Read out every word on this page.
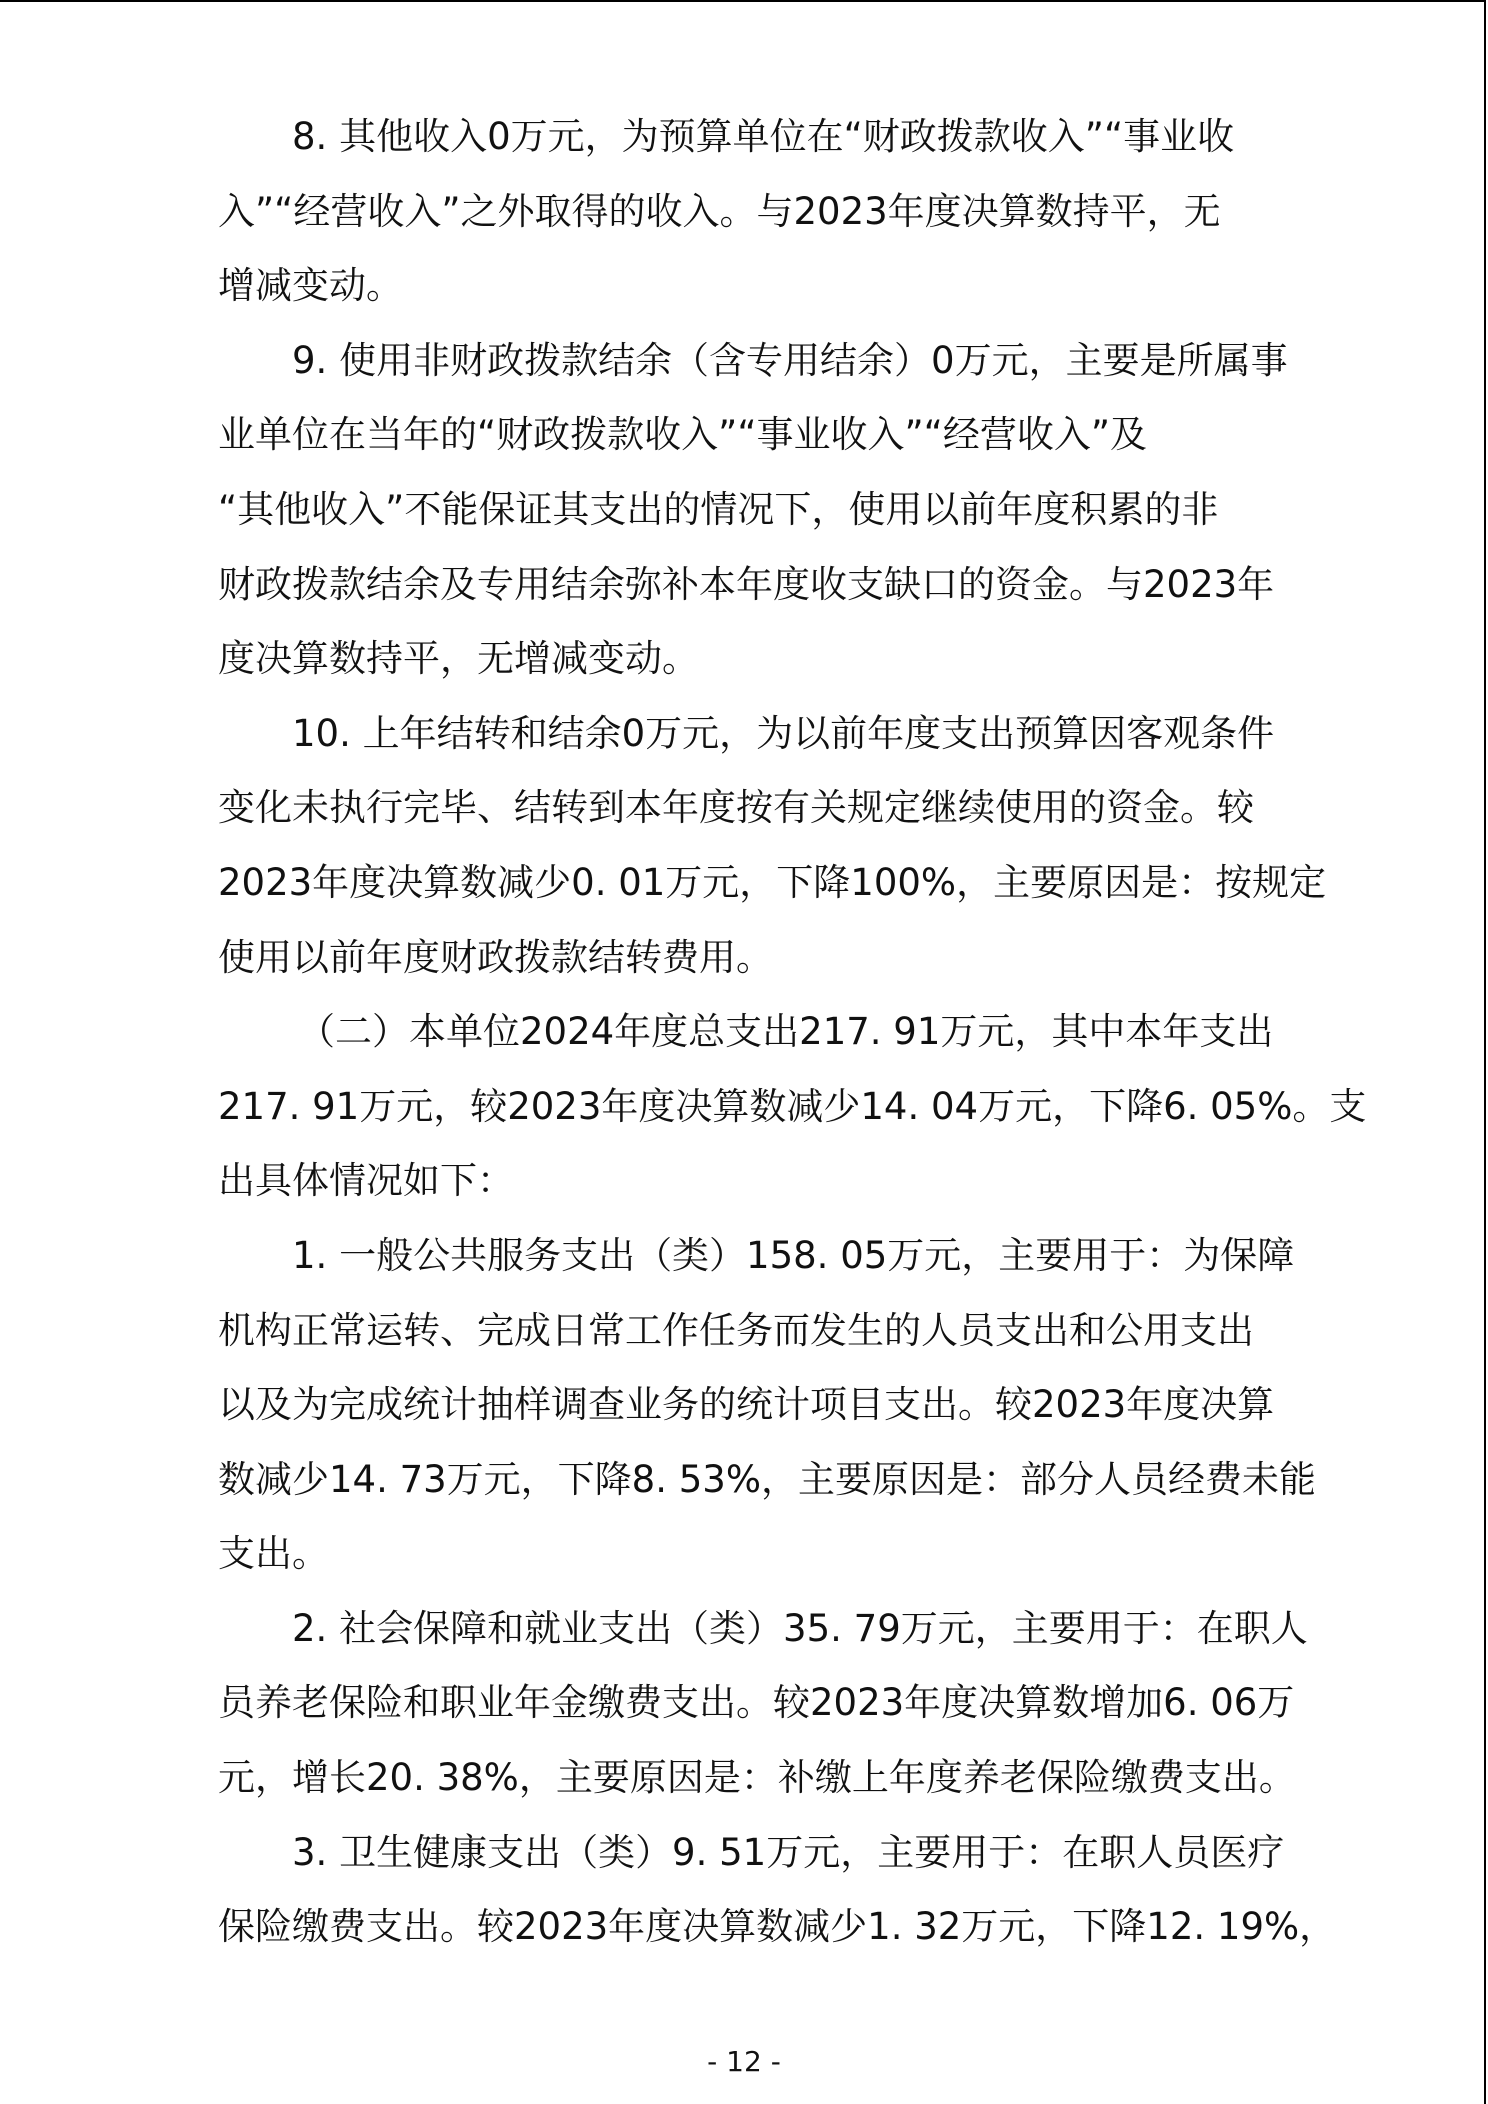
8. 其他收入0万元，为预算单位在“财政拨款收入”“事业收
入”“经营收入”之外取得的收入。与2023年度决算数持平，无
增减变动。

9. 使用非财政拨款结余（含专用结余）0万元，主要是所属事
业单位在当年的“财政拨款收入”“事业收入”“经营收入”及
“其他收入”不能保证其支出的情况下，使用以前年度积累的非
财政拨款结余及专用结余弥补本年度收支缺口的资金。与2023年
度决算数持平，无增减变动。

10. 上年结转和结余0万元，为以前年度支出预算因客观条件
变化未执行完毕、结转到本年度按有关规定继续使用的资金。较
2023年度决算数减少0. 01万元，下降100%，主要原因是：按规定
使用以前年度财政拨款结转费用。

（二）本单位2024年度总支出217. 91万元，其中本年支出
217. 91万元，较2023年度决算数减少14. 04万元，下降6. 05%。支
出具体情况如下：

1. 一般公共服务支出（类）158. 05万元，主要用于：为保障
机构正常运转、完成日常工作任务而发生的人员支出和公用支出
以及为完成统计抽样调查业务的统计项目支出。较2023年度决算
数减少14. 73万元，下降8. 53%，主要原因是：部分人员经费未能
支出。

2. 社会保障和就业支出（类）35. 79万元，主要用于：在职人
员养老保险和职业年金缴费支出。较2023年度决算数增加6. 06万
元，增长20. 38%，主要原因是：补缴上年度养老保险缴费支出。

3. 卫生健康支出（类）9. 51万元，主要用于：在职人员医疗
保险缴费支出。较2023年度决算数减少1. 32万元，下降12. 19%，

- 12 -
